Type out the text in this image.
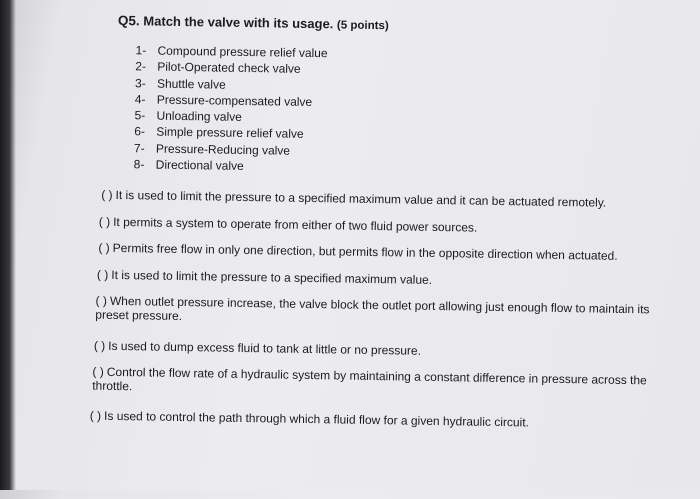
Q5. Match the valve with its usage. (5 points)
1- Compound pressure relief value
2- Pilot-Operated check valve
3- Shuttle valve
4- Pressure-compensated valve
5- Unloading valve
6- Simple pressure relief valve
7- Pressure-Reducing valve
8- Directional valve

( ) It is used to limit the pressure to a specified maximum value and it can be actuated remotely.

( ) It permits a system to operate from either of two fluid power sources.

( ) Permits free flow in only one direction, but permits flow in the opposite direction when actuated.

( ) It is used to limit the pressure to a specified maximum value.

( ) When outlet pressure increase, the valve block the outlet port allowing just enough flow to maintain its preset pressure.

( ) Is used to dump excess fluid to tank at little or no pressure.

( ) Control the flow rate of a hydraulic system by maintaining a constant difference in pressure across the throttle.

( ) Is used to control the path through which a fluid flow for a given hydraulic circuit.
